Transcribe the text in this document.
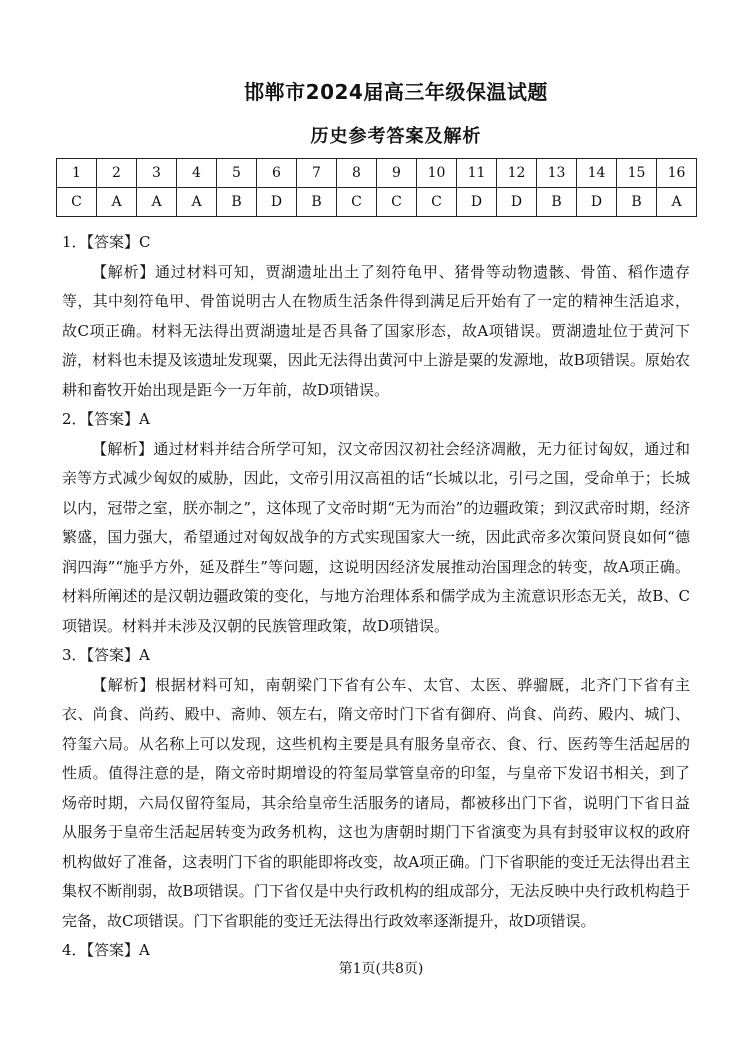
邯郸市2024届高三年级保温试题
历史参考答案及解析
1	2	3	4	5	6	7	8	9	10	11	12	13	14	15	16
C	A	A	A	B	D	B	C	C	C	D	D	B	D	B	A

1．【答案】C

【解析】通过材料可知，贾湖遗址出土了刻符龟甲、猪骨等动物遗骸、骨笛、稻作遗存等，其中刻符龟甲、骨笛说明古人在物质生活条件得到满足后开始有了一定的精神生活追求，故C项正确。材料无法得出贾湖遗址是否具备了国家形态，故A项错误。贾湖遗址位于黄河下游，材料也未提及该遗址发现粟，因此无法得出黄河中上游是粟的发源地，故B项错误。原始农耕和畜牧开始出现是距今一万年前，故D项错误。

2．【答案】A

【解析】通过材料并结合所学可知，汉文帝因汉初社会经济凋敝，无力征讨匈奴，通过和亲等方式减少匈奴的威胁，因此，文帝引用汉高祖的话“长城以北，引弓之国，受命单于；长城以内，冠带之室，朕亦制之”，这体现了文帝时期“无为而治”的边疆政策；到汉武帝时期，经济繁盛，国力强大，希望通过对匈奴战争的方式实现国家大一统，因此武帝多次策问贤良如何“德润四海”“施乎方外，延及群生”等问题，这说明因经济发展推动治国理念的转变，故A项正确。材料所阐述的是汉朝边疆政策的变化，与地方治理体系和儒学成为主流意识形态无关，故B、C项错误。材料并未涉及汉朝的民族管理政策，故D项错误。

3．【答案】A

【解析】根据材料可知，南朝梁门下省有公车、太官、太医、骅骝厩，北齐门下省有主衣、尚食、尚药、殿中、斋帅、领左右，隋文帝时门下省有御府、尚食、尚药、殿内、城门、符玺六局。从名称上可以发现，这些机构主要是具有服务皇帝衣、食、行、医药等生活起居的性质。值得注意的是，隋文帝时期增设的符玺局掌管皇帝的印玺，与皇帝下发诏书相关，到了炀帝时期，六局仅留符玺局，其余给皇帝生活服务的诸局，都被移出门下省，说明门下省日益从服务于皇帝生活起居转变为政务机构，这也为唐朝时期门下省演变为具有封驳审议权的政府机构做好了准备，这表明门下省的职能即将改变，故A项正确。门下省职能的变迁无法得出君主集权不断削弱，故B项错误。门下省仅是中央行政机构的组成部分，无法反映中央行政机构趋于完备，故C项错误。门下省职能的变迁无法得出行政效率逐渐提升，故D项错误。

4．【答案】A

第1页(共8页)
